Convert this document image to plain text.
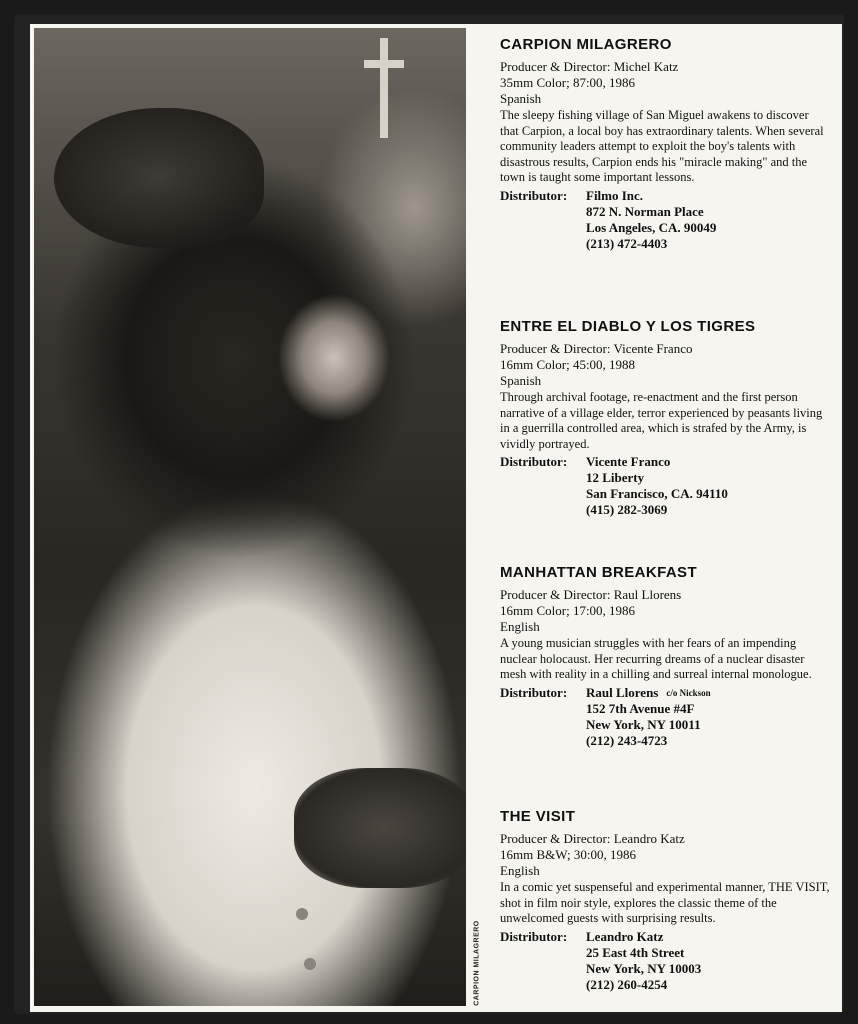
CARPION MILAGRERO
CARPION MILAGRERO
Producer & Director: Michel Katz
35mm Color; 87:00, 1986
Spanish
The sleepy fishing village of San Miguel awakens to discover that Carpion, a local boy has extraordinary talents. When several community leaders attempt to exploit the boy's talents with disastrous results, Carpion ends his "miracle making" and the town is taught some important lessons.
Distributor:	Filmo Inc.
872 N. Norman Place
Los Angeles, CA. 90049
(213) 472-4403
ENTRE EL DIABLO Y LOS TIGRES
Producer & Director: Vicente Franco
16mm Color; 45:00, 1988
Spanish
Through archival footage, re-enactment and the first person narrative of a village elder, terror experienced by peasants living in a guerrilla controlled area, which is strafed by the Army, is vividly portrayed.
Distributor:	Vicente Franco
12 Liberty
San Francisco, CA. 94110
(415) 282-3069
MANHATTAN BREAKFAST
Producer & Director: Raul Llorens
16mm Color; 17:00, 1986
English
A young musician struggles with her fears of an impending nuclear holocaust. Her recurring dreams of a nuclear disaster mesh with reality in a chilling and surreal internal monologue.
Distributor:	Raul Llorens c/o Nickson
152 7th Avenue #4F
New York, NY 10011
(212) 243-4723
THE VISIT
Producer & Director: Leandro Katz
16mm B&W; 30:00, 1986
English
In a comic yet suspenseful and experimental manner, THE VISIT, shot in film noir style, explores the classic theme of the unwelcomed guests with surprising results.
Distributor:	Leandro Katz
25 East 4th Street
New York, NY 10003
(212) 260-4254
